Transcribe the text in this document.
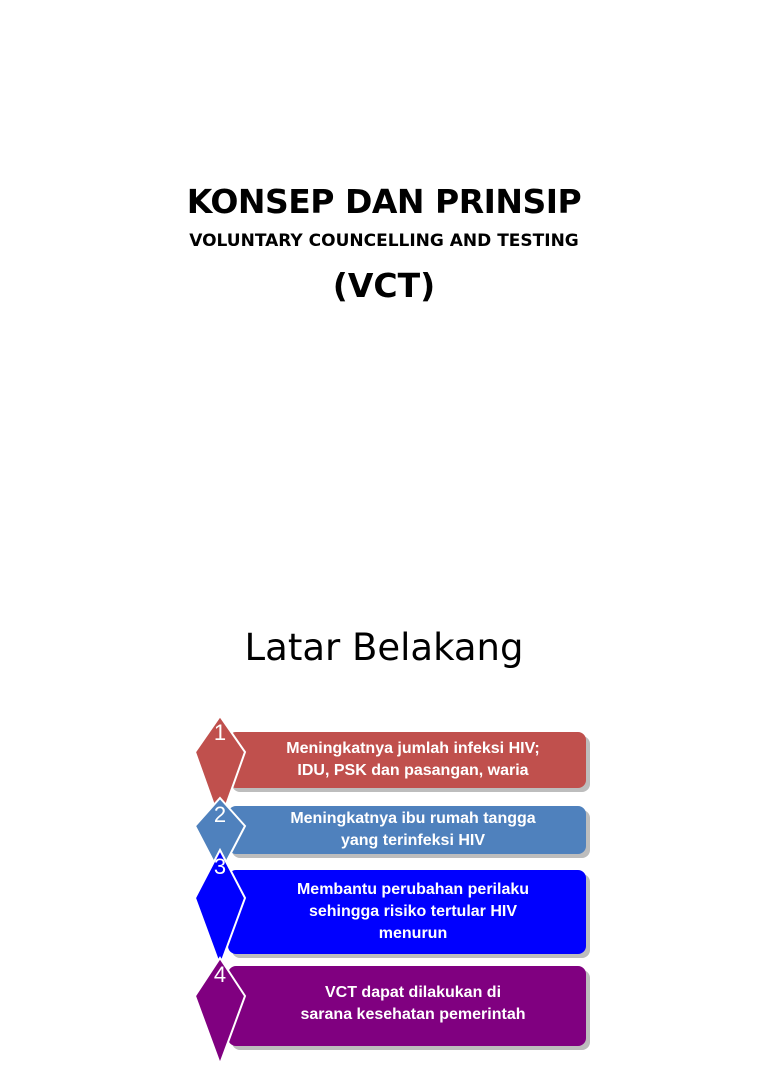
KONSEP DAN PRINSIP
VOLUNTARY COUNCELLING AND TESTING
(VCT)
Latar Belakang
Meningkatnya jumlah infeksi HIV;
IDU, PSK dan pasangan, waria
1
Meningkatnya ibu rumah tangga
yang terinfeksi HIV
2
Membantu perubahan perilaku
sehingga risiko tertular HIV
menurun
3
VCT dapat dilakukan di
sarana kesehatan pemerintah
4
